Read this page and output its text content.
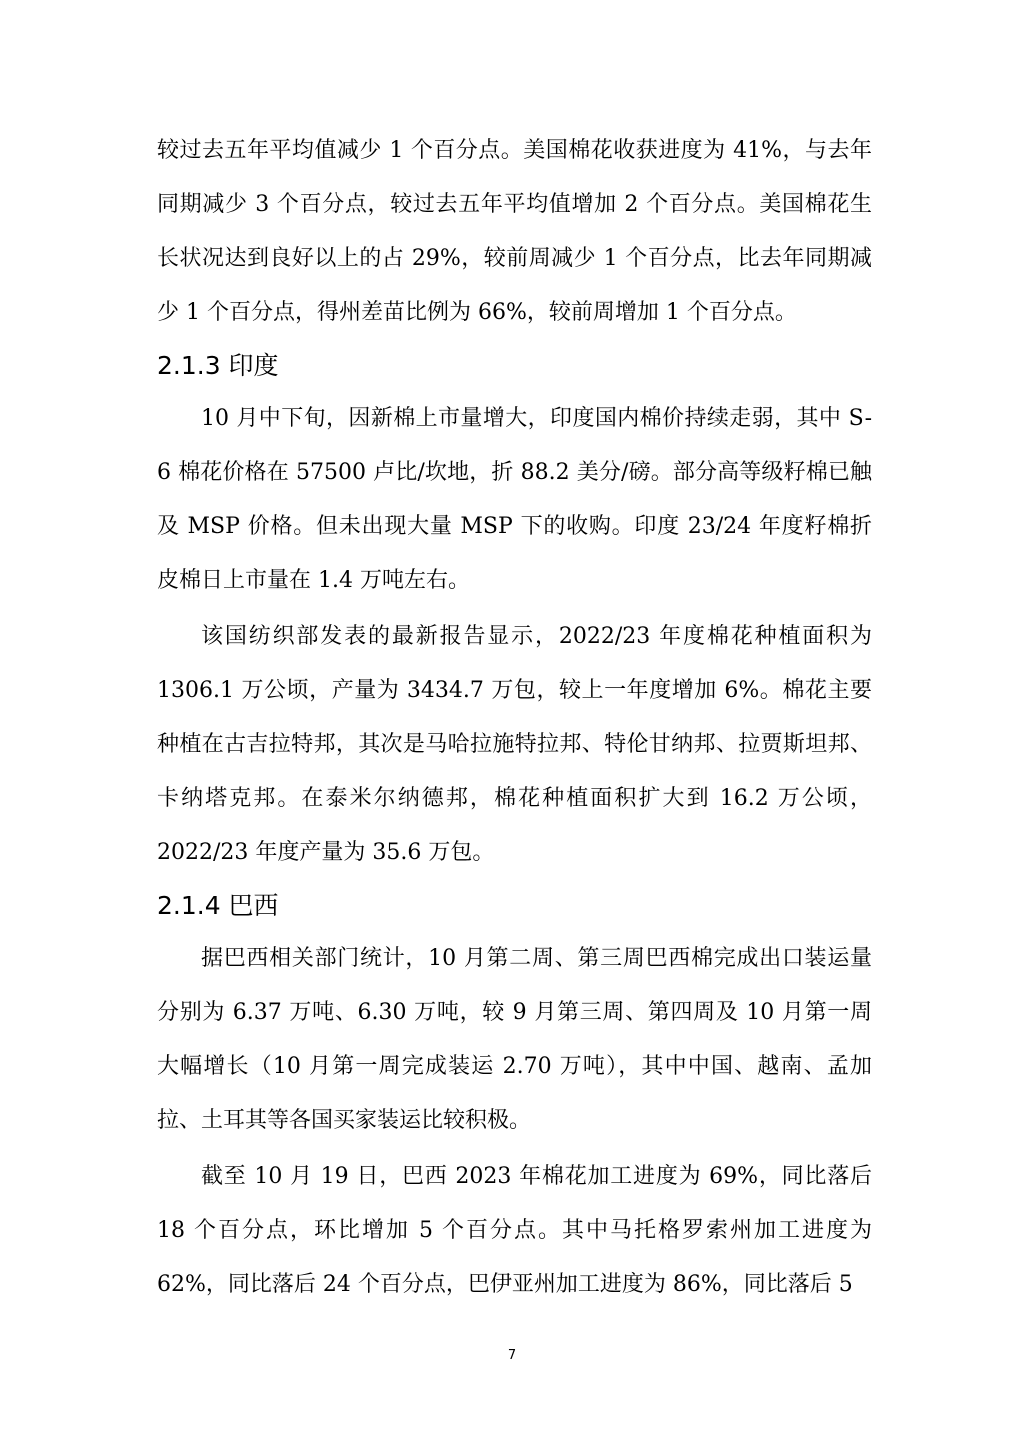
较过去五年平均值减少 1 个百分点。美国棉花收获进度为 41%，与去年同期减少 3 个百分点，较过去五年平均值增加 2 个百分点。美国棉花生长状况达到良好以上的占 29%，较前周减少 1 个百分点，比去年同期减少 1 个百分点，得州差苗比例为 66%，较前周增加 1 个百分点。

2.1.3 印度

10 月中下旬，因新棉上市量增大，印度国内棉价持续走弱，其中 S-6 棉花价格在 57500 卢比/坎地，折 88.2 美分/磅。部分高等级籽棉已触及 MSP 价格。但未出现大量 MSP 下的收购。印度 23/24 年度籽棉折皮棉日上市量在 1.4 万吨左右。

该国纺织部发表的最新报告显示，2022/23 年度棉花种植面积为 1306.1 万公顷，产量为 3434.7 万包，较上一年度增加 6%。棉花主要种植在古吉拉特邦，其次是马哈拉施特拉邦、特伦甘纳邦、拉贾斯坦邦、卡纳塔克邦。在泰米尔纳德邦，棉花种植面积扩大到 16.2 万公顷，2022/23 年度产量为 35.6 万包。

2.1.4 巴西

据巴西相关部门统计，10 月第二周、第三周巴西棉完成出口装运量分别为 6.37 万吨、6.30 万吨，较 9 月第三周、第四周及 10 月第一周大幅增长（10 月第一周完成装运 2.70 万吨），其中中国、越南、孟加拉、土耳其等各国买家装运比较积极。

截至 10 月 19 日，巴西 2023 年棉花加工进度为 69%，同比落后 18 个百分点，环比增加 5 个百分点。其中马托格罗索州加工进度为 62%，同比落后 24 个百分点，巴伊亚州加工进度为 86%，同比落后 5

7
